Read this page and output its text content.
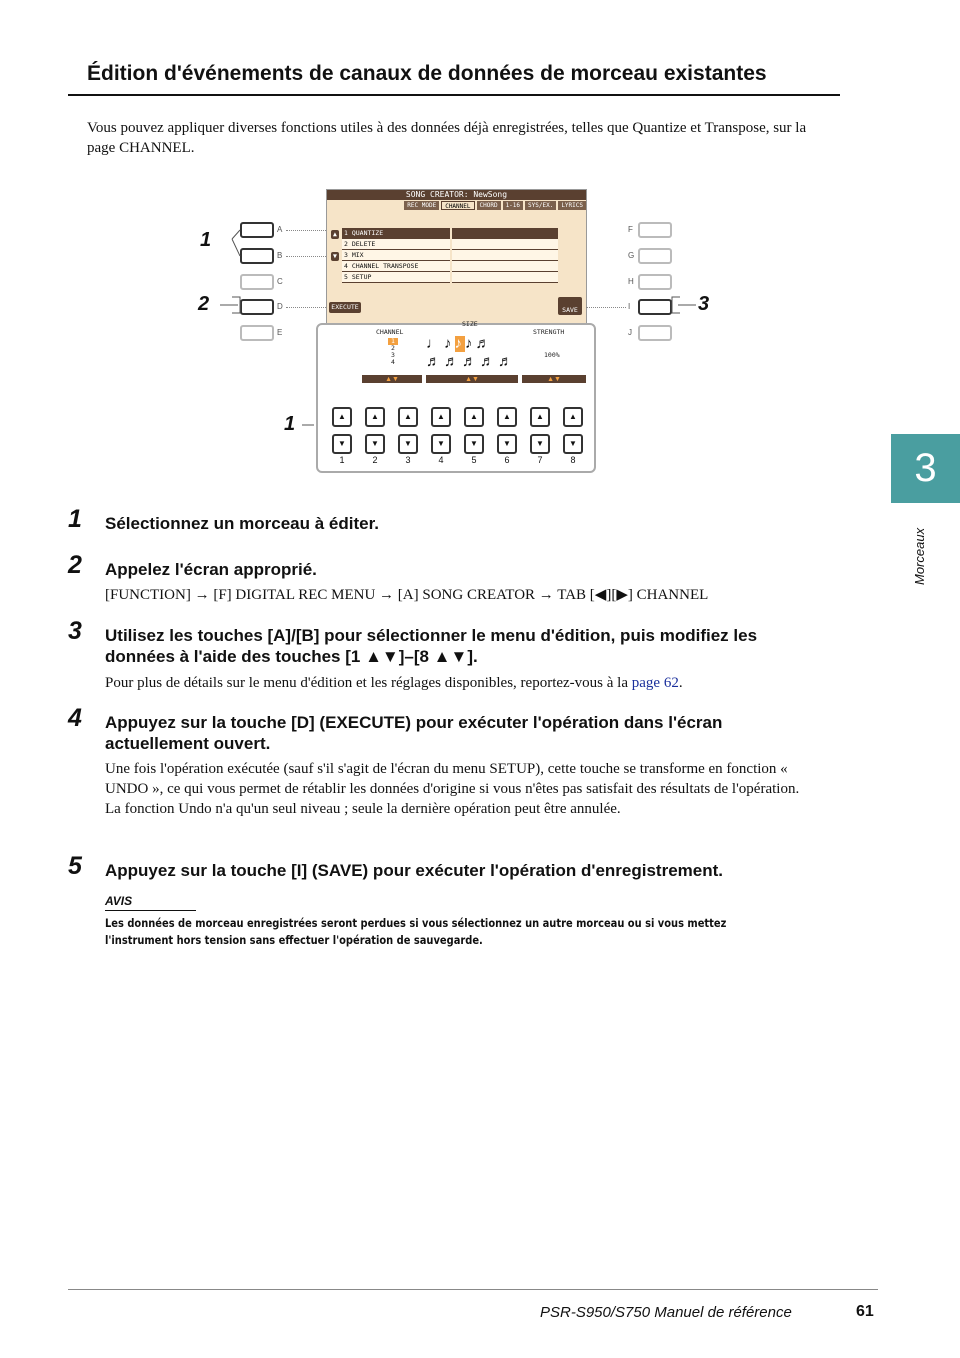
Édition d'événements de canaux de données de morceau existantes
Vous pouvez appliquer diverses fonctions utiles à des données déjà enregistrées, telles que Quantize et Transpose, sur la page CHANNEL.
SONG CREATOR: NewSong
REC MODE	CHANNEL	CHORD	1-16	SYS/EX.	LYRICS
1 QUANTIZE
2 DELETE
3 MIX
4 CHANNEL TRANSPOSE
5 SETUP

▲
▼
EXECUTE	SAVE
A
B
C
D
E
F
G
H
I
J
1
2	3
1
CHANNEL
SIZE
STRENGTH
1
2
3
4
♩♪♪♪♬
♬♬♬♬♬	100%
▲▼	▲▼	▲▼
▲	▲	▲	▲	▲	▲	▲	▲
▼	▼	▼	▼	▼	▼	▼	▼
1	2	3	4	5	6	7	8
1 Sélectionnez un morceau à éditer.
2 Appelez l'écran approprié.
[FUNCTION] → [F] DIGITAL REC MENU → [A] SONG CREATOR → TAB [◀][▶] CHANNEL
3 Utilisez les touches [A]/[B] pour sélectionner le menu d'édition, puis modifiez les données à l'aide des touches [1 ▲▼]–[8 ▲▼].
Pour plus de détails sur le menu d'édition et les réglages disponibles, reportez-vous à la page 62.
4 Appuyez sur la touche [D] (EXECUTE) pour exécuter l'opération dans l'écran actuellement ouvert.
Une fois l'opération exécutée (sauf s'il s'agit de l'écran du menu SETUP), cette touche se transforme en fonction « UNDO », ce qui vous permet de rétablir les données d'origine si vous n'êtes pas satisfait des résultats de l'opération. La fonction Undo n'a qu'un seul niveau ; seule la dernière opération peut être annulée.
5 Appuyez sur la touche [I] (SAVE) pour exécuter l'opération d'enregistrement.
AVIS
Les données de morceau enregistrées seront perdues si vous sélectionnez un autre morceau ou si vous mettez l'instrument hors tension sans effectuer l'opération de sauvegarde.
3
Morceaux
PSR-S950/S750 Manuel de référence	61
